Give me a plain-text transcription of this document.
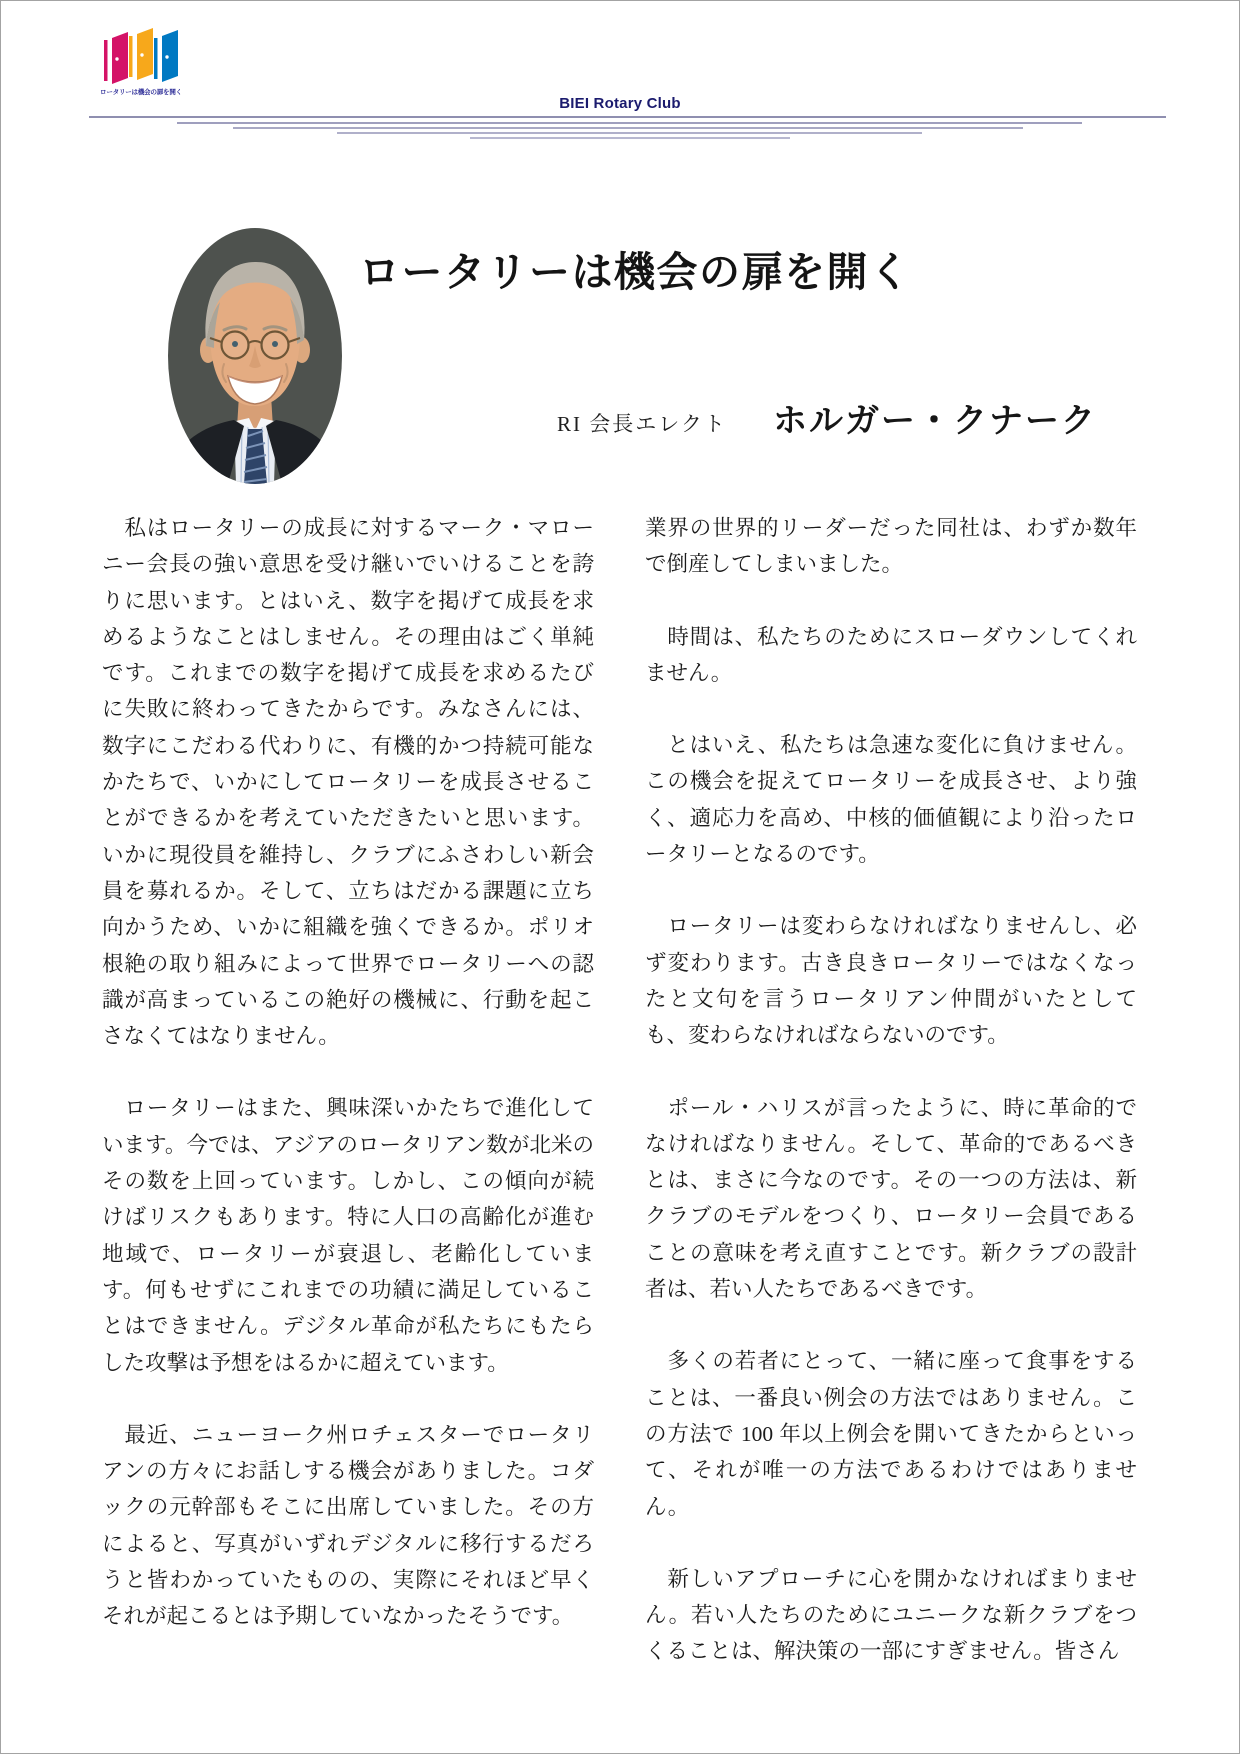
ロータリーは機会の扉を開く
BIEI Rotary Club
ロータリーは機会の扉を開く
RI 会長エレクト ホルガー・クナーク

　私はロータリーの成長に対するマーク・マローニー会長の強い意思を受け継いでいけることを誇りに思います。とはいえ、数字を掲げて成長を求めるようなことはしません。その理由はごく単純です。これまでの数字を掲げて成長を求めるたびに失敗に終わってきたからです。みなさんには、数字にこだわる代わりに、有機的かつ持続可能なかたちで、いかにしてロータリーを成長させることができるかを考えていただきたいと思います。いかに現役員を維持し、クラブにふさわしい新会員を募れるか。そして、立ちはだかる課題に立ち向かうため、いかに組織を強くできるか。ポリオ根絶の取り組みによって世界でロータリーへの認識が高まっているこの絶好の機械に、行動を起こさなくてはなりません。

　ロータリーはまた、興味深いかたちで進化しています。今では、アジアのロータリアン数が北米のその数を上回っています。しかし、この傾向が続けばリスクもあります。特に人口の高齢化が進む地域で、ロータリーが衰退し、老齢化しています。何もせずにこれまでの功績に満足していることはできません。デジタル革命が私たちにもたらした攻撃は予想をはるかに超えています。

　最近、ニューヨーク州ロチェスターでロータリアンの方々にお話しする機会がありました。コダックの元幹部もそこに出席していました。その方によると、写真がいずれデジタルに移行するだろうと皆わかっていたものの、実際にそれほど早くそれが起こるとは予期していなかったそうです。

業界の世界的リーダーだった同社は、わずか数年で倒産してしまいました。

　時間は、私たちのためにスローダウンしてくれません。

　とはいえ、私たちは急速な変化に負けません。この機会を捉えてロータリーを成長させ、より強く、適応力を高め、中核的価値観により沿ったロータリーとなるのです。

　ロータリーは変わらなければなりませんし、必ず変わります。古き良きロータリーではなくなったと文句を言うロータリアン仲間がいたとしても、変わらなければならないのです。

　ポール・ハリスが言ったように、時に革命的でなければなりません。そして、革命的であるべきとは、まさに今なのです。その一つの方法は、新クラブのモデルをつくり、ロータリー会員であることの意味を考え直すことです。新クラブの設計者は、若い人たちであるべきです。

　多くの若者にとって、一緒に座って食事をすることは、一番良い例会の方法ではありません。この方法で 100 年以上例会を開いてきたからといって、それが唯一の方法であるわけではありません。

　新しいアプローチに心を開かなければまりません。若い人たちのためにユニークな新クラブをつくることは、解決策の一部にすぎません。皆さん
